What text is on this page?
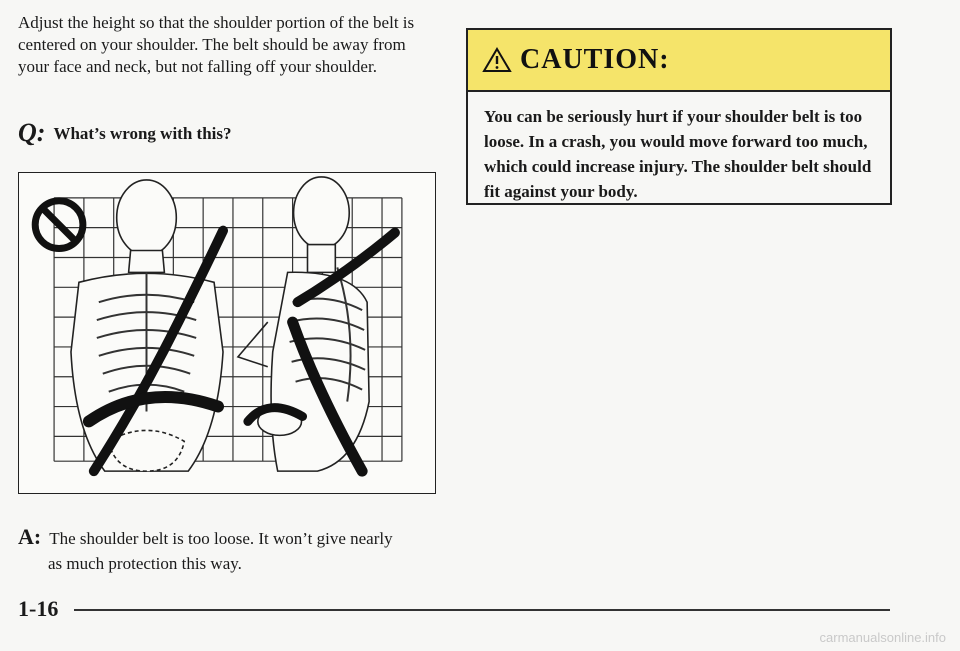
Adjust the height so that the shoulder portion of the belt is centered on your shoulder. The belt should be away from your face and neck, but not falling off your shoulder.

Q: What’s wrong with this?
A: The shoulder belt is too loose. It won’t give nearly
as much protection this way.
CAUTION:
You can be seriously hurt if your shoulder belt is too loose. In a crash, you would move forward too much, which could increase injury. The shoulder belt should fit against your body.
1-16
carmanualsonline.info
